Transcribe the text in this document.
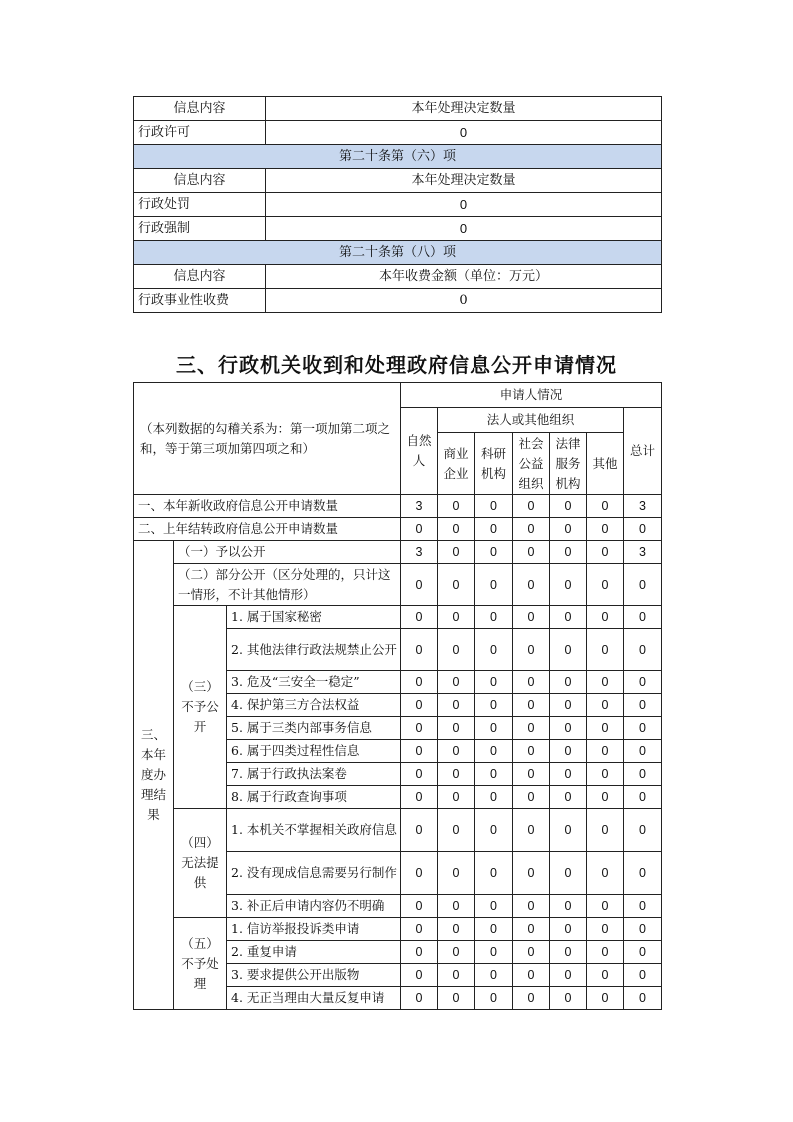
信息内容	本年处理决定数量
行政许可	0
第二十条第（六）项	
信息内容	本年处理决定数量
行政处罚	0
行政强制	0
第二十条第（八）项	
信息内容	本年收费金额（单位：万元）
行政事业性收费	0
三、行政机关收到和处理政府信息公开申请情况
（本列数据的勾稽关系为：第一项加第二项之和，等于第三项加第四项之和）			申请人情况						
			自然人	法人或其他组织					总计
				商业企业	科研机构	社会公益组织	法律服务机构	其他	
一、本年新收政府信息公开申请数量			3	0	0	0	0	0	3
二、上年结转政府信息公开申请数量			0	0	0	0	0	0	0
三、本年度办理结果	（一）予以公开		3	0	0	0	0	0	3
	（二）部分公开（区分处理的，只计这一情形，不计其他情形）		0	0	0	0	0	0	0
	（三）不予公开	1. 属于国家秘密	0	0	0	0	0	0	0
		2. 其他法律行政法规禁止公开	0	0	0	0	0	0	0
		3. 危及“三安全一稳定”	0	0	0	0	0	0	0
		4. 保护第三方合法权益	0	0	0	0	0	0	0
		5. 属于三类内部事务信息	0	0	0	0	0	0	0
		6. 属于四类过程性信息	0	0	0	0	0	0	0
		7. 属于行政执法案卷	0	0	0	0	0	0	0
		8. 属于行政查询事项	0	0	0	0	0	0	0
	（四）无法提供	1. 本机关不掌握相关政府信息	0	0	0	0	0	0	0
		2. 没有现成信息需要另行制作	0	0	0	0	0	0	0
		3. 补正后申请内容仍不明确	0	0	0	0	0	0	0
	（五）不予处理	1. 信访举报投诉类申请	0	0	0	0	0	0	0
		2. 重复申请	0	0	0	0	0	0	0
		3. 要求提供公开出版物	0	0	0	0	0	0	0
		4. 无正当理由大量反复申请	0	0	0	0	0	0	0
